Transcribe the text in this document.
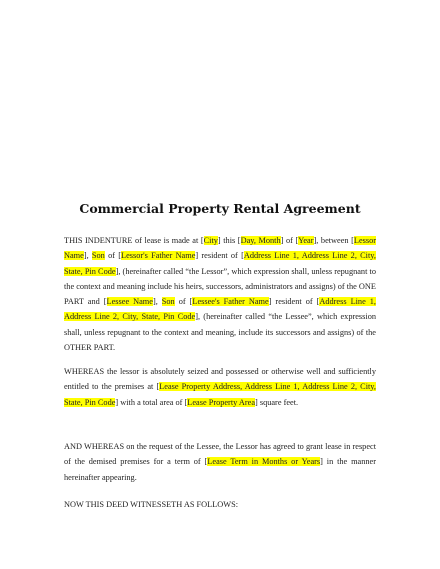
Commercial Property Rental Agreement

THIS INDENTURE of lease is made at [City] this [Day, Month] of [Year], between [Lessor Name], Son of [Lessor's Father Name] resident of [Address Line 1, Address Line 2, City, State, Pin Code], (hereinafter called “the Lessor”, which expression shall, unless repugnant to the context and meaning include his heirs, successors, administrators and assigns) of the ONE PART and [Lessee Name], Son of [Lessee's Father Name] resident of [Address Line 1, Address Line 2, City, State, Pin Code], (hereinafter called “the Lessee”, which expression shall, unless repugnant to the context and meaning, include its successors and assigns) of the OTHER PART.

WHEREAS the lessor is absolutely seized and possessed or otherwise well and sufficiently entitled to the premises at [Lease Property Address, Address Line 1, Address Line 2, City, State, Pin Code] with a total area of [Lease Property Area] square feet.

AND WHEREAS on the request of the Lessee, the Lessor has agreed to grant lease in respect of the demised premises for a term of [Lease Term in Months or Years] in the manner hereinafter appearing.

NOW THIS DEED WITNESSETH AS FOLLOWS:
